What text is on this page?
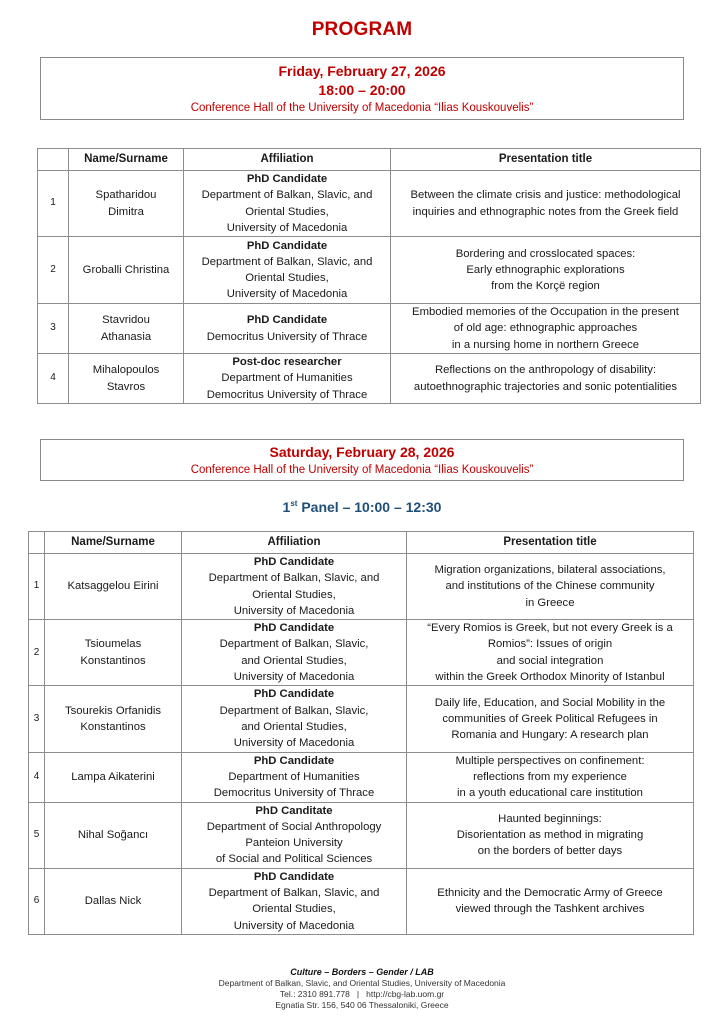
PROGRAM
Friday, February 27, 2026
18:00 – 20:00
Conference Hall of the University of Macedonia “Ilias Kouskouvelis”
	Name/Surname	Affiliation	Presentation title
1	Spatharidou
Dimitra	PhD Candidate
Department of Balkan, Slavic, and
Oriental Studies,
University of Macedonia	Between the climate crisis and justice: methodological
inquiries and ethnographic notes from the Greek field

2	Groballi Christina	PhD Candidate
Department of Balkan, Slavic, and
Oriental Studies,
University of Macedonia	Bordering and crosslocated spaces:
Early ethnographic explorations
from the Korçë region

3	Stavridou
Athanasia	PhD Candidate
Democritus University of Thrace	Embodied memories of the Occupation in the present
of old age: ethnographic approaches
in a nursing home in northern Greece

4	Mihalopoulos
Stavros	Post-doc researcher
Department of Humanities
Democritus University of Thrace	Reflections on the anthropology of disability:
autoethnographic trajectories and sonic potentialities
Saturday, February 28, 2026
Conference Hall of the University of Macedonia “Ilias Kouskouvelis”
1st Panel – 10:00 – 12:30
	Name/Surname	Affiliation	Presentation title
1	Katsaggelou Eirini	PhD Candidate
Department of Balkan, Slavic, and
Oriental Studies,
University of Macedonia	Migration organizations, bilateral associations,
and institutions of the Chinese community
in Greece

2	Tsioumelas
Konstantinos	PhD Candidate
Department of Balkan, Slavic,
and Oriental Studies,
University of Macedonia	“Every Romios is Greek, but not every Greek is a
Romios”: Issues of origin
and social integration
within the Greek Orthodox Minority of Istanbul

3	Tsourekis Orfanidis
Konstantinos	PhD Candidate
Department of Balkan, Slavic,
and Oriental Studies,
University of Macedonia	Daily life, Education, and Social Mobility in the
communities of Greek Political Refugees in
Romania and Hungary: A research plan

4	Lampa Aikaterini	PhD Candidate
Department of Humanities
Democritus University of Thrace	Multiple perspectives on confinement:
reflections from my experience
in a youth educational care institution

5	Nihal Soğancı	PhD Canditate
Department of Social Anthropology
Panteion University
of Social and Political Sciences	Haunted beginnings:
Disorientation as method in migrating
on the borders of better days

6	Dallas Nick	PhD Candidate
Department of Balkan, Slavic, and
Oriental Studies,
University of Macedonia	Ethnicity and the Democratic Army of Greece
viewed through the Tashkent archives
Culture – Borders – Gender / LAB
Department of Balkan, Slavic, and Oriental Studies, University of Macedonia
Tel.: 2310 891.778   |   http://cbg-lab.uom.gr
Egnatia Str. 156, 540 06 Thessaloniki, Greece
